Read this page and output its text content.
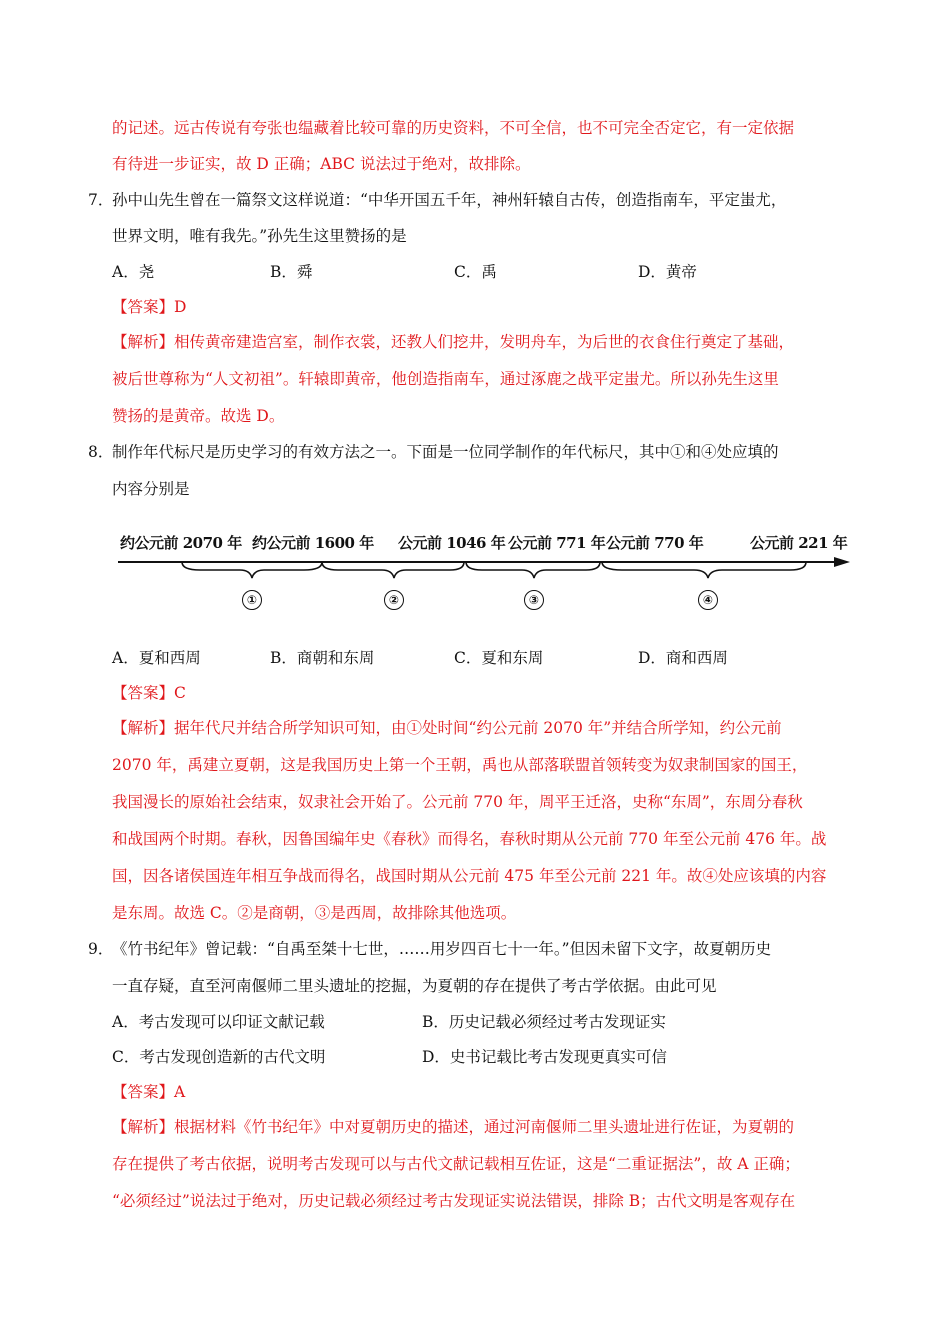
的记述。远古传说有夸张也缊藏着比较可靠的历史资料，不可全信，也不可完全否定它，有一定依据
有待进一步证实，故 D 正确；ABC 说法过于绝对，故排除。
7．
孙中山先生曾在一篇祭文这样说道：“中华开国五千年，神州轩辕自古传，创造指南车，平定蚩尤，
世界文明，唯有我先。”孙先生这里赞扬的是
A．尧	B．舜	C．禹	D．黄帝
【答案】D
【解析】相传黄帝建造宫室，制作衣裳，还教人们挖井，发明舟车，为后世的衣食住行奠定了基础，
被后世尊称为“人文初祖”。轩辕即黄帝，他创造指南车，通过涿鹿之战平定蚩尤。所以孙先生这里
赞扬的是黄帝。故选 D。
8．
制作年代标尺是历史学习的有效方法之一。下面是一位同学制作的年代标尺，其中①和④处应填的
内容分别是
约公元前 2070 年 约公元前 1600 年 公元前 1046 年 公元前 771 年 公元前 770 年	公元前 221 年
①	②	③	④
A．夏和西周	B．商朝和东周	C．夏和东周	D．商和西周
【答案】C
【解析】据年代尺并结合所学知识可知，由①处时间“约公元前 2070 年”并结合所学知，约公元前
2070 年，禹建立夏朝，这是我国历史上第一个王朝，禹也从部落联盟首领转变为奴隶制国家的国王，
我国漫长的原始社会结束，奴隶社会开始了。公元前 770 年，周平王迁洛，史称“东周”，东周分春秋
和战国两个时期。春秋，因鲁国编年史《春秋》而得名，春秋时期从公元前 770 年至公元前 476 年。战
国，因各诸侯国连年相互争战而得名，战国时期从公元前 475 年至公元前 221 年。故④处应该填的内容
是东周。故选 C。②是商朝，③是西周，故排除其他选项。
9．
《竹书纪年》曾记载：“自禹至桀十七世，……用岁四百七十一年。”但因未留下文字，故夏朝历史
一直存疑，直至河南偃师二里头遗址的挖掘，为夏朝的存在提供了考古学依据。由此可见
A．考古发现可以印证文献记载	B．历史记载必须经过考古发现证实
C．考古发现创造新的古代文明	D．史书记载比考古发现更真实可信
【答案】A
【解析】根据材料《竹书纪年》中对夏朝历史的描述，通过河南偃师二里头遗址进行佐证，为夏朝的
存在提供了考古依据，说明考古发现可以与古代文献记载相互佐证，这是“二重证据法”，故 A 正确；
“必须经过”说法过于绝对，历史记载必须经过考古发现证实说法错误，排除 B；古代文明是客观存在
